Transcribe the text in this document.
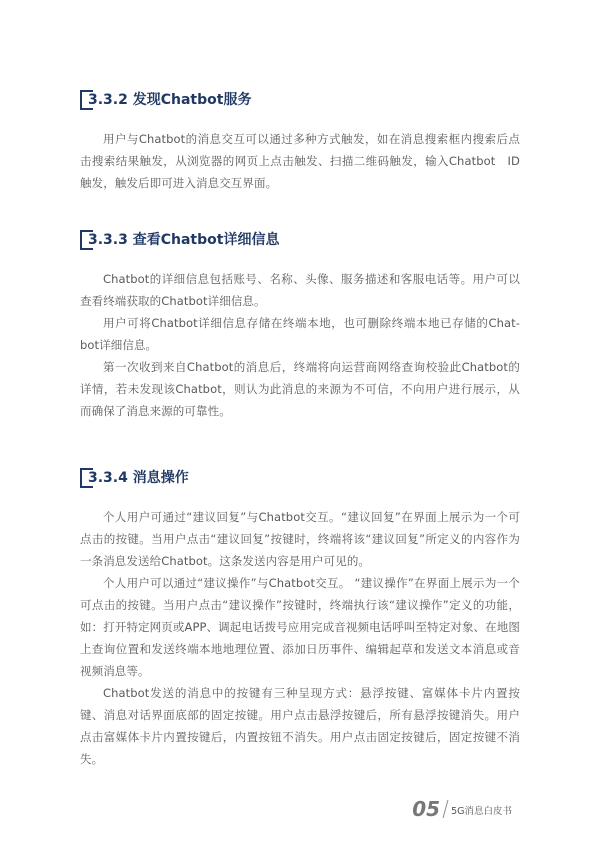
3.3.2 发现Chatbot服务

用户与Chatbot的消息交互可以通过多种方式触发，如在消息搜索框内搜索后点击搜索结果触发，从浏览器的网页上点击触发、扫描二维码触发，输入Chatbot　ID触发，触发后即可进入消息交互界面。

3.3.3 查看Chatbot详细信息

Chatbot的详细信息包括账号、名称、头像、服务描述和客服电话等。用户可以查看终端获取的Chatbot详细信息。

用户可将Chatbot详细信息存储在终端本地，也可删除终端本地已存储的Chat-bot详细信息。

第一次收到来自Chatbot的消息后，终端将向运营商网络查询校验此Chatbot的详情，若未发现该Chatbot，则认为此消息的来源为不可信，不向用户进行展示，从而确保了消息来源的可靠性。

3.3.4 消息操作

个人用户可通过“建议回复”与Chatbot交互。“建议回复”在界面上展示为一个可点击的按键。当用户点击“建议回复”按键时，终端将该“建议回复”所定义的内容作为一条消息发送给Chatbot。这条发送内容是用户可见的。

个人用户可以通过“建议操作”与Chatbot交互。 “建议操作”在界面上展示为一个可点击的按键。当用户点击“建议操作”按键时，终端执行该“建议操作”定义的功能，如：打开特定网页或APP、调起电话拨号应用完成音视频电话呼叫至特定对象、在地图上查询位置和发送终端本地地理位置、添加日历事件、编辑起草和发送文本消息或音视频消息等。

Chatbot发送的消息中的按键有三种呈现方式：悬浮按键、富媒体卡片内置按键、消息对话界面底部的固定按键。用户点击悬浮按键后，所有悬浮按键消失。用户点击富媒体卡片内置按键后，内置按钮不消失。用户点击固定按键后，固定按键不消失。

05 5G消息白皮书
